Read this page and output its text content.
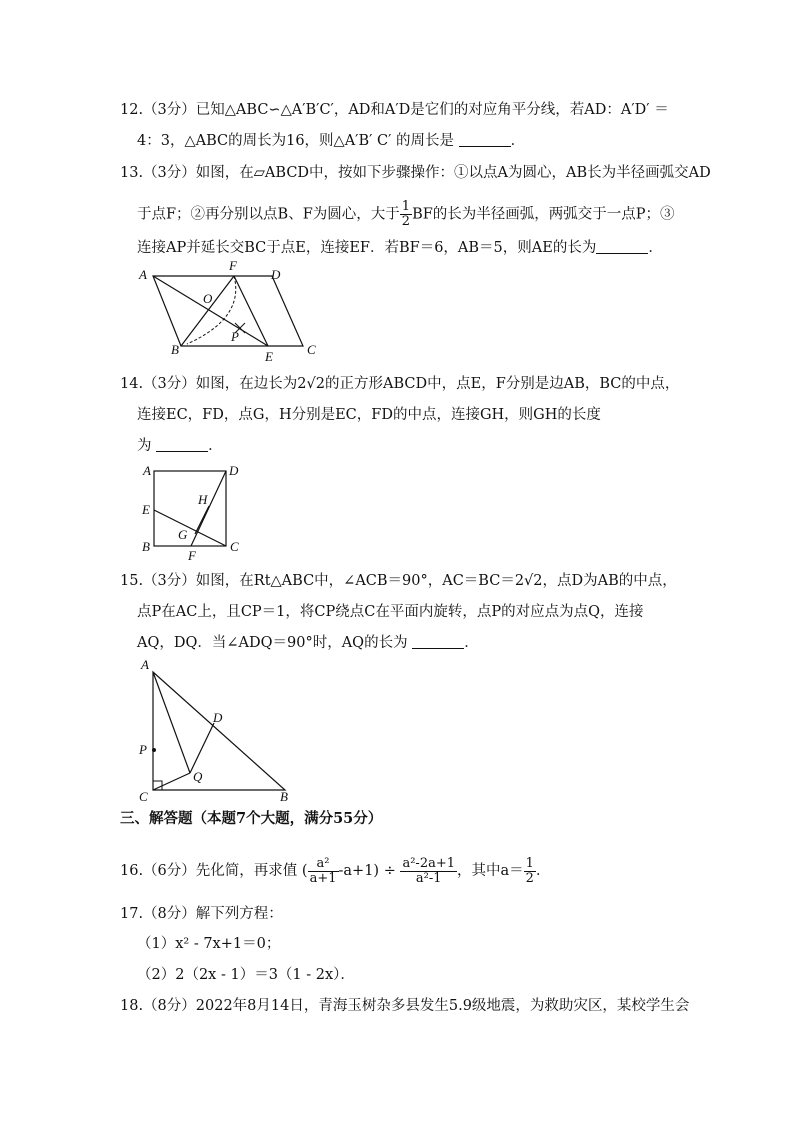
12.（3分）已知△ABC∽△A′B′C′，AD和A′D是它们的对应角平分线，若AD：A′D′ ＝
4：3，△ABC的周长为16，则△A′B′ C′ 的周长是	．
13.（3分）如图，在▱ABCD中，按如下步骤操作：①以点A为圆心，AB长为半径画弧交AD
于点F；②再分别以点B、F为圆心，大于 $\frac{1}{2}$ BF的长为半径画弧，两弧交于一点P；③
连接AP并延长交BC于点E，连接EF．若BF＝6，AB＝5，则AE的长为	．
A
F
D
O
P
B	E	C
14.（3分）如图，在边长为2√2的正方形ABCD中，点E，F分别是边AB，BC的中点，
连接EC，FD，点G，H分别是EC，FD的中点，连接GH，则GH的长度
为	．
A	D
H
E
G
B
F
C
15.（3分）如图，在Rt△ABC中，∠ACB＝90°，AC＝BC＝2√2，点D为AB的中点，
点P在AC上，且CP＝1，将CP绕点C在平面内旋转，点P的对应点为点Q，连接
AQ，DQ．当∠ADQ＝90°时，AQ的长为	．
A
D
P
Q
C	B
三、解答题（本题7个大题，满分55分）
16.（6分）先化简，再求值 ( $\frac{\text{a²}}{a+1} -a+1) \div \frac{\text{a²-2a+1}}{\text{a²-1}}$ ，其中$a= \frac{1}{2}$ ．
17.（8分）解下列方程：
（1）x² - 7x+1＝0；
（2）2（2x - 1）＝3（1 - 2x）．
18.（8分）2022年8月14日，青海玉树杂多县发生5.9级地震，为救助灾区，某校学生会
